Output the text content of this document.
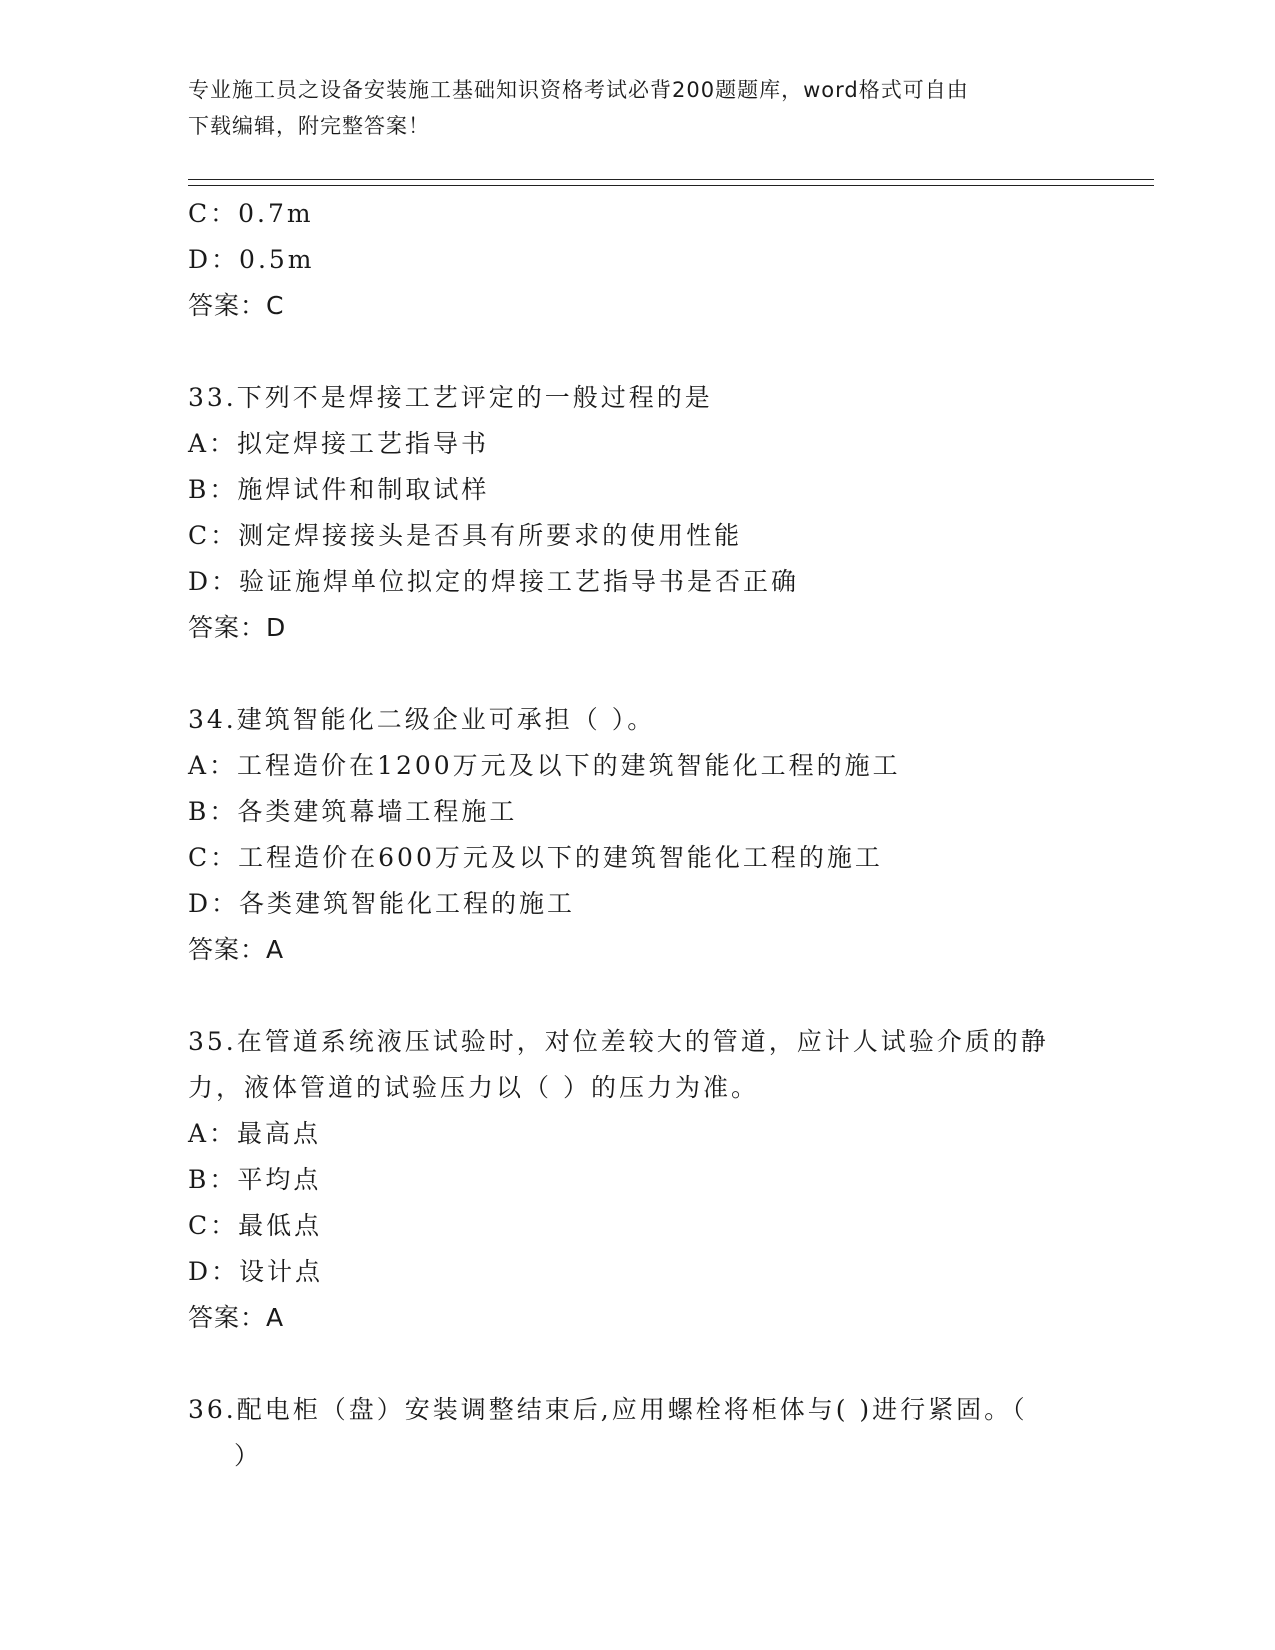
专业施工员之设备安装施工基础知识资格考试必背200题题库，word格式可自由
下载编辑，附完整答案！
C：0.7m
D：0.5m
答案：C
33.下列不是焊接工艺评定的一般过程的是
A：拟定焊接工艺指导书
B：施焊试件和制取试样
C：测定焊接接头是否具有所要求的使用性能
D：验证施焊单位拟定的焊接工艺指导书是否正确
答案：D
34.建筑智能化二级企业可承担（ ）。
A：工程造价在1200万元及以下的建筑智能化工程的施工
B：各类建筑幕墙工程施工
C：工程造价在600万元及以下的建筑智能化工程的施工
D：各类建筑智能化工程的施工
答案：A
35.在管道系统液压试验时，对位差较大的管道，应计人试验介质的静
力，液体管道的试验压力以（ ）的压力为准。
A：最高点
B：平均点
C：最低点
D：设计点
答案：A
36.配电柜（盘）安装调整结束后,应用螺栓将柜体与( )进行紧固。（
）
